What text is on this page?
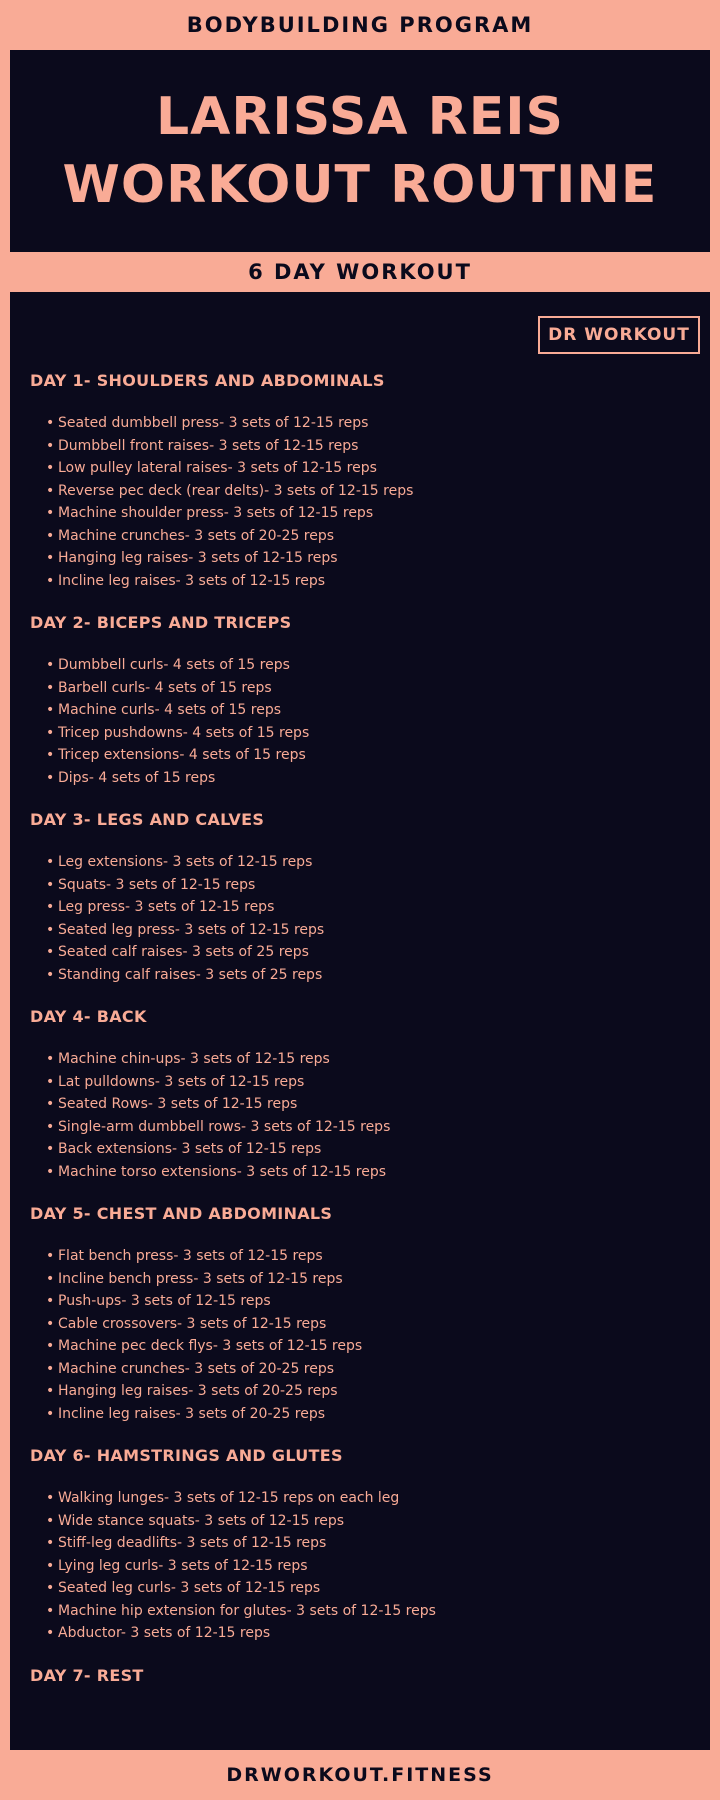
BODYBUILDING PROGRAM
LARISSA REIS
WORKOUT ROUTINE
6 DAY WORKOUT
DR WORKOUT
DAY 1- SHOULDERS AND ABDOMINALS
• Seated dumbbell press- 3 sets of 12-15 reps
• Dumbbell front raises- 3 sets of 12-15 reps
• Low pulley lateral raises- 3 sets of 12-15 reps
• Reverse pec deck (rear delts)- 3 sets of 12-15 reps
• Machine shoulder press- 3 sets of 12-15 reps
• Machine crunches- 3 sets of 20-25 reps
• Hanging leg raises- 3 sets of 12-15 reps
• Incline leg raises- 3 sets of 12-15 reps
DAY 2- BICEPS AND TRICEPS
• Dumbbell curls- 4 sets of 15 reps
• Barbell curls- 4 sets of 15 reps
• Machine curls- 4 sets of 15 reps
• Tricep pushdowns- 4 sets of 15 reps
• Tricep extensions- 4 sets of 15 reps
• Dips- 4 sets of 15 reps
DAY 3- LEGS AND CALVES
• Leg extensions- 3 sets of 12-15 reps
• Squats- 3 sets of 12-15 reps
• Leg press- 3 sets of 12-15 reps
• Seated leg press- 3 sets of 12-15 reps
• Seated calf raises- 3 sets of 25 reps
• Standing calf raises- 3 sets of 25 reps
DAY 4- BACK
• Machine chin-ups- 3 sets of 12-15 reps
• Lat pulldowns- 3 sets of 12-15 reps
• Seated Rows- 3 sets of 12-15 reps
• Single-arm dumbbell rows- 3 sets of 12-15 reps
• Back extensions- 3 sets of 12-15 reps
• Machine torso extensions- 3 sets of 12-15 reps
DAY 5- CHEST AND ABDOMINALS
• Flat bench press- 3 sets of 12-15 reps
• Incline bench press- 3 sets of 12-15 reps
• Push-ups- 3 sets of 12-15 reps
• Cable crossovers- 3 sets of 12-15 reps
• Machine pec deck flys- 3 sets of 12-15 reps
• Machine crunches- 3 sets of 20-25 reps
• Hanging leg raises- 3 sets of 20-25 reps
• Incline leg raises- 3 sets of 20-25 reps
DAY 6- HAMSTRINGS AND GLUTES
• Walking lunges- 3 sets of 12-15 reps on each leg
• Wide stance squats- 3 sets of 12-15 reps
• Stiff-leg deadlifts- 3 sets of 12-15 reps
• Lying leg curls- 3 sets of 12-15 reps
• Seated leg curls- 3 sets of 12-15 reps
• Machine hip extension for glutes- 3 sets of 12-15 reps
• Abductor- 3 sets of 12-15 reps
DAY 7- REST
DRWORKOUT.FITNESS
